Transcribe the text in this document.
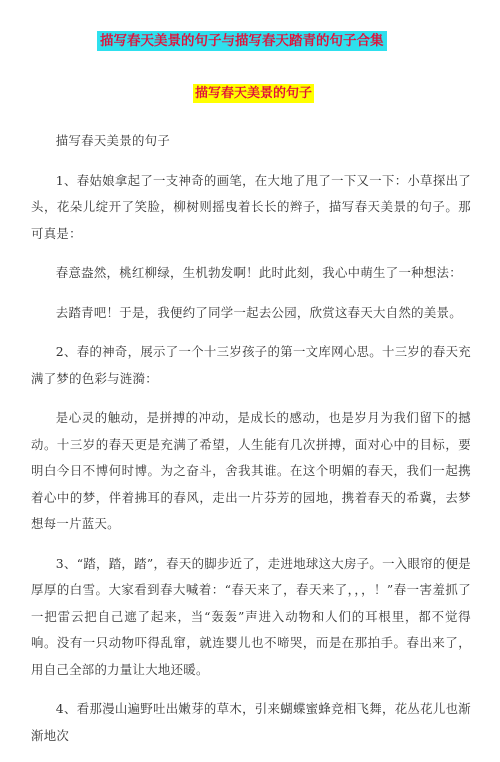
描写春天美景的句子与描写春天踏青的句子合集
描写春天美景的句子

描写春天美景的句子

1、春姑娘拿起了一支神奇的画笔，在大地了甩了一下又一下：小草探出了头，花朵儿绽开了笑脸，柳树则摇曳着长长的辫子，描写春天美景的句子。那可真是：

春意盎然，桃红柳绿，生机勃发啊！此时此刻，我心中萌生了一种想法：

去踏青吧！于是，我便约了同学一起去公园，欣赏这春天大自然的美景。

2、春的神奇，展示了一个十三岁孩子的第一文库网心思。十三岁的春天充满了梦的色彩与涟漪：

是心灵的触动，是拼搏的冲动，是成长的感动，也是岁月为我们留下的撼动。十三岁的春天更是充满了希望，人生能有几次拼搏，面对心中的目标，要明白今日不博何时博。为之奋斗，舍我其谁。在这个明媚的春天，我们一起携着心中的梦，伴着拂耳的春风，走出一片芬芳的园地，携着春天的希冀，去梦想每一片蓝天。

3、“踏，踏，踏”，春天的脚步近了，走进地球这大房子。一入眼帘的便是厚厚的白雪。大家看到春大喊着：“春天来了，春天来了，，，！”春一害羞抓了一把雷云把自己遮了起来，当“轰轰”声进入动物和人们的耳根里，都不觉得响。没有一只动物吓得乱窜，就连婴儿也不啼哭，而是在那拍手。春出来了，用自己全部的力量让大地还暖。

4、看那漫山遍野吐出嫩芽的草木，引来蝴蝶蜜蜂竞相飞舞，花丛花儿也渐渐地次
